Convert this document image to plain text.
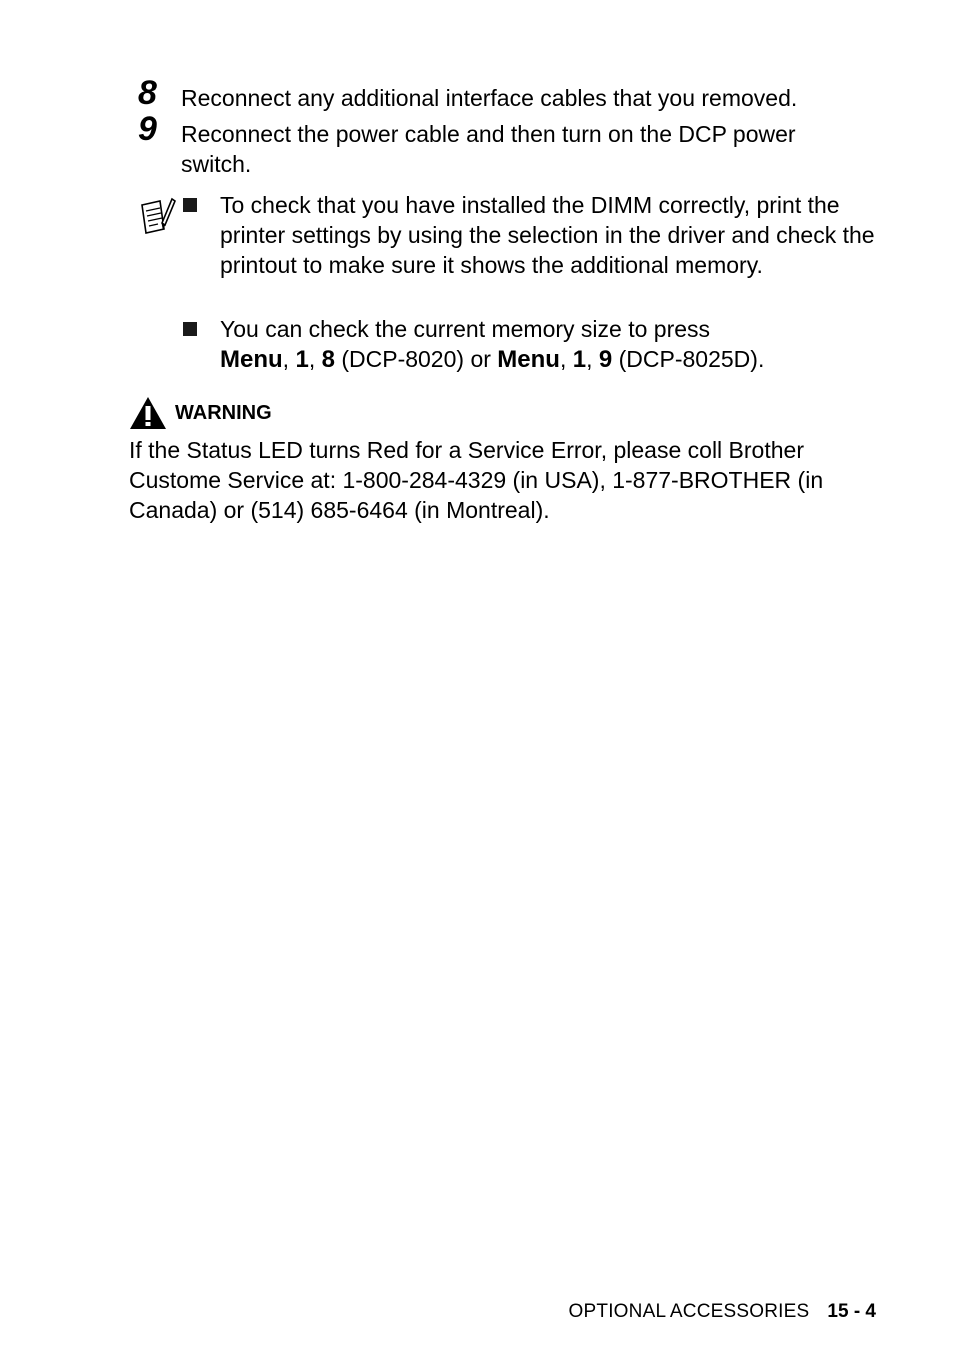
8 Reconnect any additional interface cables that you removed.
9 Reconnect the power cable and then turn on the DCP power switch.
To check that you have installed the DIMM correctly, print the printer settings by using the selection in the driver and check the printout to make sure it shows the additional memory.
You can check the current memory size to press
Menu, 1, 8 (DCP-8020) or Menu, 1, 9 (DCP-8025D).
WARNING
If the Status LED turns Red for a Service Error, please coll Brother Custome Service at: 1-800-284-4329 (in USA), 1-877-BROTHER (in Canada) or (514) 685-6464 (in Montreal).
OPTIONAL ACCESSORIES 15 - 4
